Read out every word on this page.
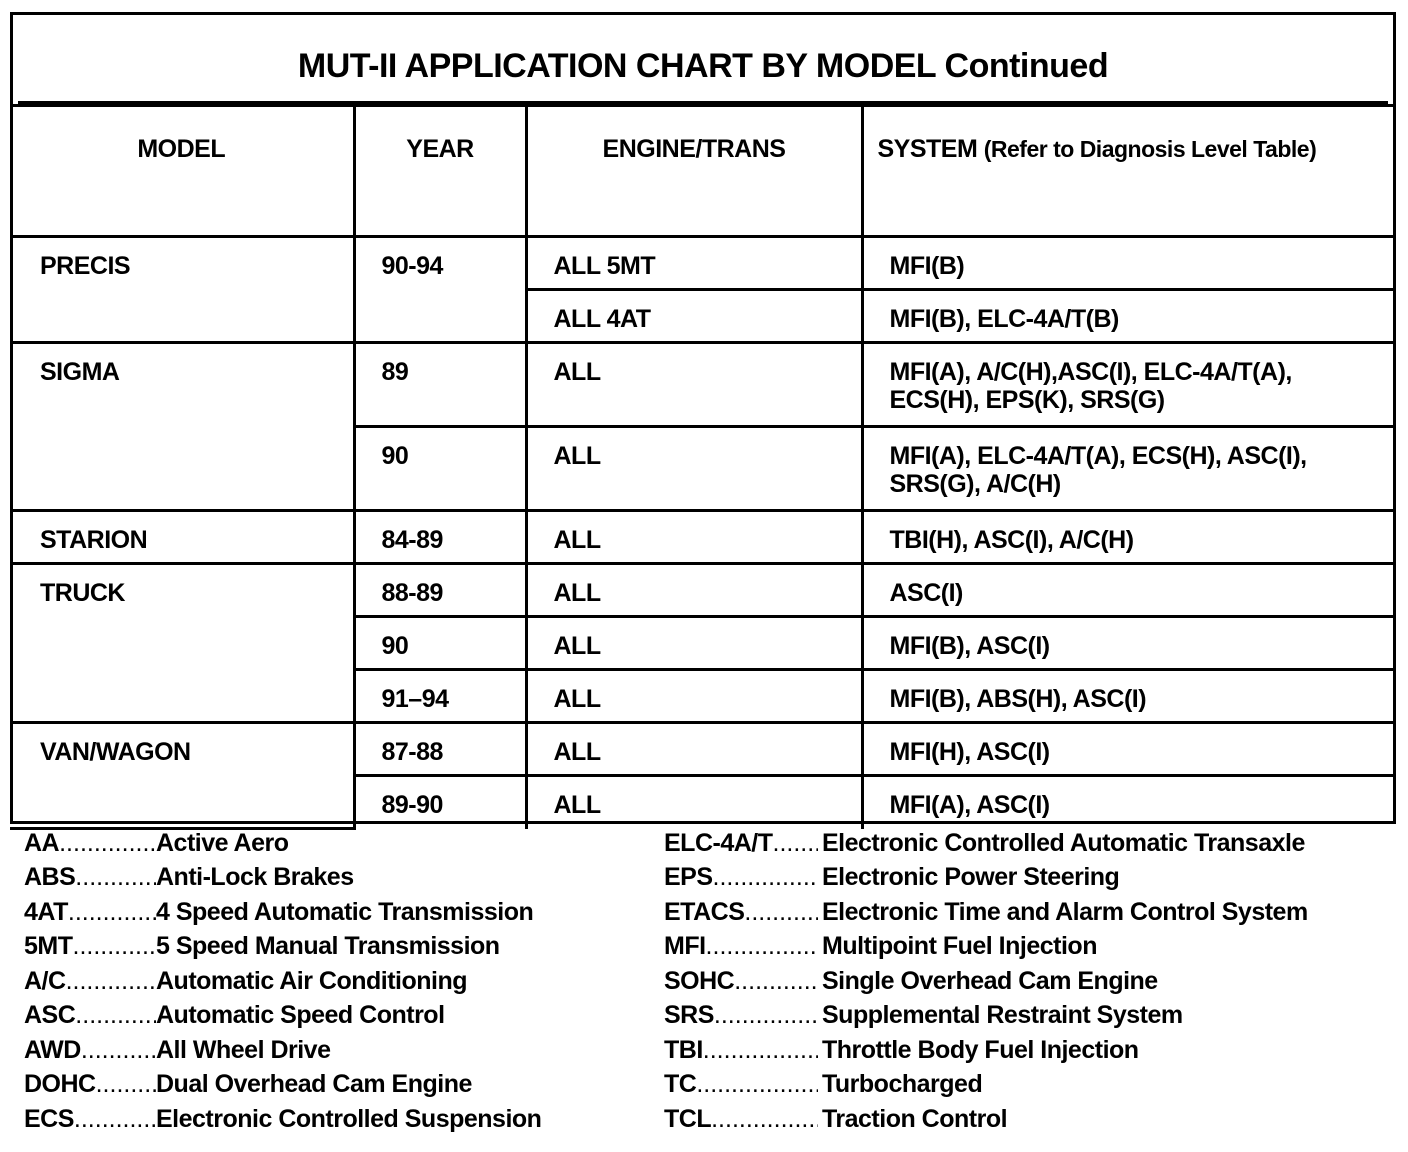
MUT-II APPLICATION CHART BY MODEL Continued
MODEL	YEAR	ENGINE/TRANS	SYSTEM (Refer to Diagnosis Level Table)
PRECIS	90-94	ALL 5MT	MFI(B)
		ALL 4AT	MFI(B), ELC-4A/T(B)
SIGMA	89	ALL	MFI(A), A/C(H),ASC(I), ELC-4A/T(A), ECS(H), EPS(K), SRS(G)
	90	ALL	MFI(A), ELC-4A/T(A), ECS(H), ASC(I), SRS(G), A/C(H)
STARION	84-89	ALL	TBI(H), ASC(I), A/C(H)
TRUCK	88-89	ALL	ASC(I)
	90	ALL	MFI(B), ASC(I)
	91–94	ALL	MFI(B), ABS(H), ASC(I)
VAN/WAGON	87-88	ALL	MFI(H), ASC(I)
	89-90	ALL	MFI(A), ASC(I)
AA .....	Active Aero
ABS .....	Anti-Lock Brakes
4AT .....	4 Speed Automatic Transmission
5MT .....	5 Speed Manual Transmission
A/C .....	Automatic Air Conditioning
ASC .....	Automatic Speed Control
AWD .....	All Wheel Drive
DOHC ..... Dual Overhead Cam Engine
ECS .....	Electronic Controlled Suspension
ELC-4A/T ..... Electronic Controlled Automatic Transaxle
EPS .....	Electronic Power Steering
ETACS .....	Electronic Time and Alarm Control System
MFI .....	Multipoint Fuel Injection
SOHC .....	Single Overhead Cam Engine
SRS .....	Supplemental Restraint System
TBI .....	Throttle Body Fuel Injection
TC .....	Turbocharged
TCL .....	Traction Control
